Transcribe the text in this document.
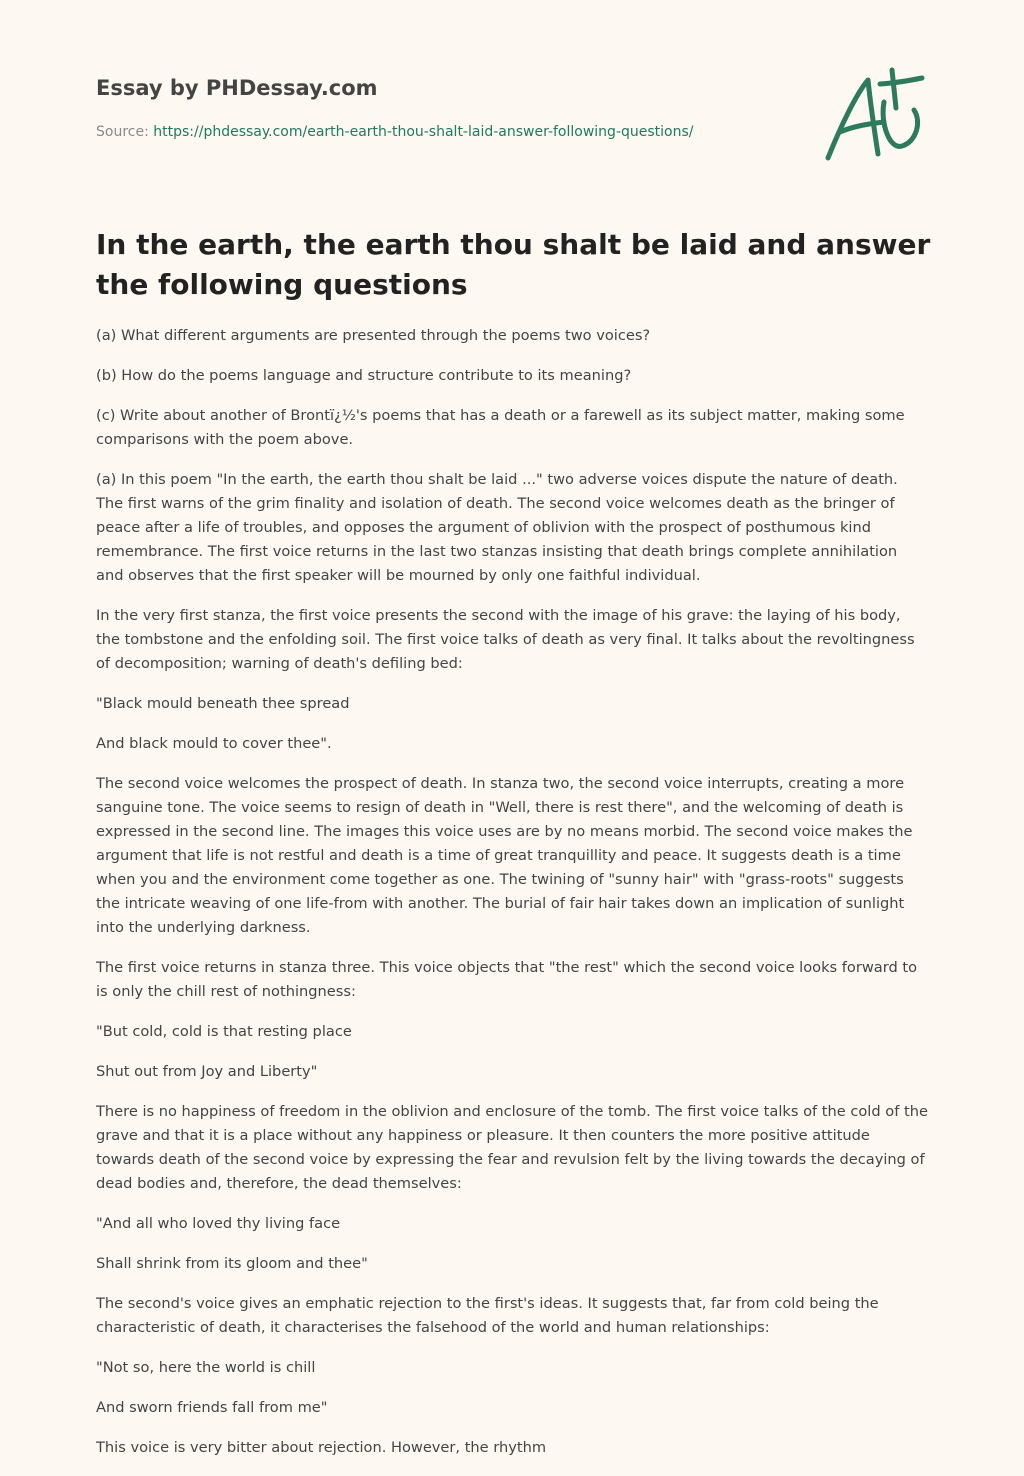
Essay by PHDessay.com

Source: https://phdessay.com/earth-earth-thou-shalt-laid-answer-following-questions/

In the earth, the earth thou shalt be laid and answer the following questions

(a) What different arguments are presented through the poems two voices?

(b) How do the poems language and structure contribute to its meaning?

(c) Write about another of Brontï¿½'s poems that has a death or a farewell as its subject matter, making some comparisons with the poem above.

(a) In this poem "In the earth, the earth thou shalt be laid ..." two adverse voices dispute the nature of death. The first warns of the grim finality and isolation of death. The second voice welcomes death as the bringer of peace after a life of troubles, and opposes the argument of oblivion with the prospect of posthumous kind remembrance. The first voice returns in the last two stanzas insisting that death brings complete annihilation and observes that the first speaker will be mourned by only one faithful individual.

In the very first stanza, the first voice presents the second with the image of his grave: the laying of his body, the tombstone and the enfolding soil. The first voice talks of death as very final. It talks about the revoltingness of decomposition; warning of death's defiling bed:

"Black mould beneath thee spread

And black mould to cover thee".

The second voice welcomes the prospect of death. In stanza two, the second voice interrupts, creating a more sanguine tone. The voice seems to resign of death in "Well, there is rest there", and the welcoming of death is expressed in the second line. The images this voice uses are by no means morbid. The second voice makes the argument that life is not restful and death is a time of great tranquillity and peace. It suggests death is a time when you and the environment come together as one. The twining of "sunny hair" with "grass-roots" suggests the intricate weaving of one life-from with another. The burial of fair hair takes down an implication of sunlight into the underlying darkness.

The first voice returns in stanza three. This voice objects that "the rest" which the second voice looks forward to is only the chill rest of nothingness:

"But cold, cold is that resting place

Shut out from Joy and Liberty"

There is no happiness of freedom in the oblivion and enclosure of the tomb. The first voice talks of the cold of the grave and that it is a place without any happiness or pleasure. It then counters the more positive attitude towards death of the second voice by expressing the fear and revulsion felt by the living towards the decaying of dead bodies and, therefore, the dead themselves:

"And all who loved thy living face

Shall shrink from its gloom and thee"

The second's voice gives an emphatic rejection to the first's ideas. It suggests that, far from cold being the characteristic of death, it characterises the falsehood of the world and human relationships:

"Not so, here the world is chill

And sworn friends fall from me"

This voice is very bitter about rejection. However, the rhythm
